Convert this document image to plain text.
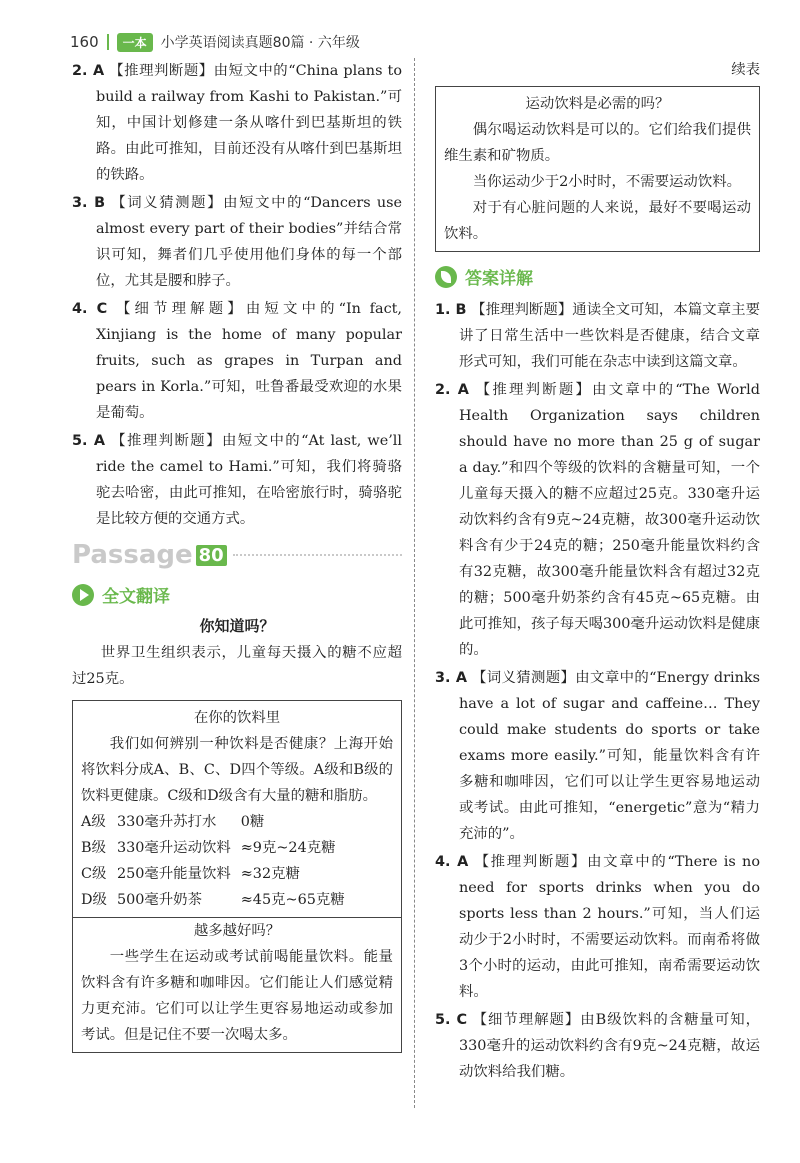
160	一本	小学英语阅读真题80篇 · 六年级

2. A 【推理判断题】由短文中的“China plans to build a railway from Kashi to Pakistan.”可知，中国计划修建一条从喀什到巴基斯坦的铁路。由此可推知，目前还没有从喀什到巴基斯坦的铁路。

3. B 【词义猜测题】由短文中的“Dancers use almost every part of their bodies”并结合常识可知，舞者们几乎使用他们身体的每一个部位，尤其是腰和脖子。

4. C 【细节理解题】由短文中的“In fact, Xinjiang is the home of many popular fruits, such as grapes in Turpan and pears in Korla.”可知，吐鲁番最受欢迎的水果是葡萄。

5. A 【推理判断题】由短文中的“At last, we’ll ride the camel to Hami.”可知，我们将骑骆驼去哈密，由此可推知，在哈密旅行时，骑骆驼是比较方便的交通方式。

Passage 80
全文翻译
你知道吗？

世界卫生组织表示，儿童每天摄入的糖不应超过25克。

在你的饮料里

我们如何辨别一种饮料是否健康？上海开始将饮料分成A、B、C、D四个等级。A级和B级的饮料更健康。C级和D级含有大量的糖和脂肪。

A级	330毫升苏打水	0糖
B级	330毫升运动饮料	≈9克~24克糖
C级	250毫升能量饮料	≈32克糖
D级	500毫升奶茶	≈45克~65克糖
越多越好吗？

一些学生在运动或考试前喝能量饮料。能量饮料含有许多糖和咖啡因。它们能让人们感觉精力更充沛。它们可以让学生更容易地运动或参加考试。但是记住不要一次喝太多。

续表
运动饮料是必需的吗？

偶尔喝运动饮料是可以的。它们给我们提供维生素和矿物质。

当你运动少于2小时时，不需要运动饮料。

对于有心脏问题的人来说，最好不要喝运动饮料。

答案详解

1. B 【推理判断题】通读全文可知，本篇文章主要讲了日常生活中一些饮料是否健康，结合文章形式可知，我们可能在杂志中读到这篇文章。

2. A 【推理判断题】由文章中的“The World Health Organization says children should have no more than 25 g of sugar a day.”和四个等级的饮料的含糖量可知，一个儿童每天摄入的糖不应超过25克。330毫升运动饮料约含有9克~24克糖，故300毫升运动饮料含有少于24克的糖；250毫升能量饮料约含有32克糖，故300毫升能量饮料含有超过32克的糖；500毫升奶茶约含有45克~65克糖。由此可推知，孩子每天喝300毫升运动饮料是健康的。

3. A 【词义猜测题】由文章中的“Energy drinks have a lot of sugar and caffeine… They could make students do sports or take exams more easily.”可知，能量饮料含有许多糖和咖啡因，它们可以让学生更容易地运动或考试。由此可推知，“energetic”意为“精力充沛的”。

4. A 【推理判断题】由文章中的“There is no need for sports drinks when you do sports less than 2 hours.”可知，当人们运动少于2小时时，不需要运动饮料。而南希将做3个小时的运动，由此可推知，南希需要运动饮料。

5. C 【细节理解题】由B级饮料的含糖量可知，330毫升的运动饮料约含有9克~24克糖，故运动饮料给我们糖。
